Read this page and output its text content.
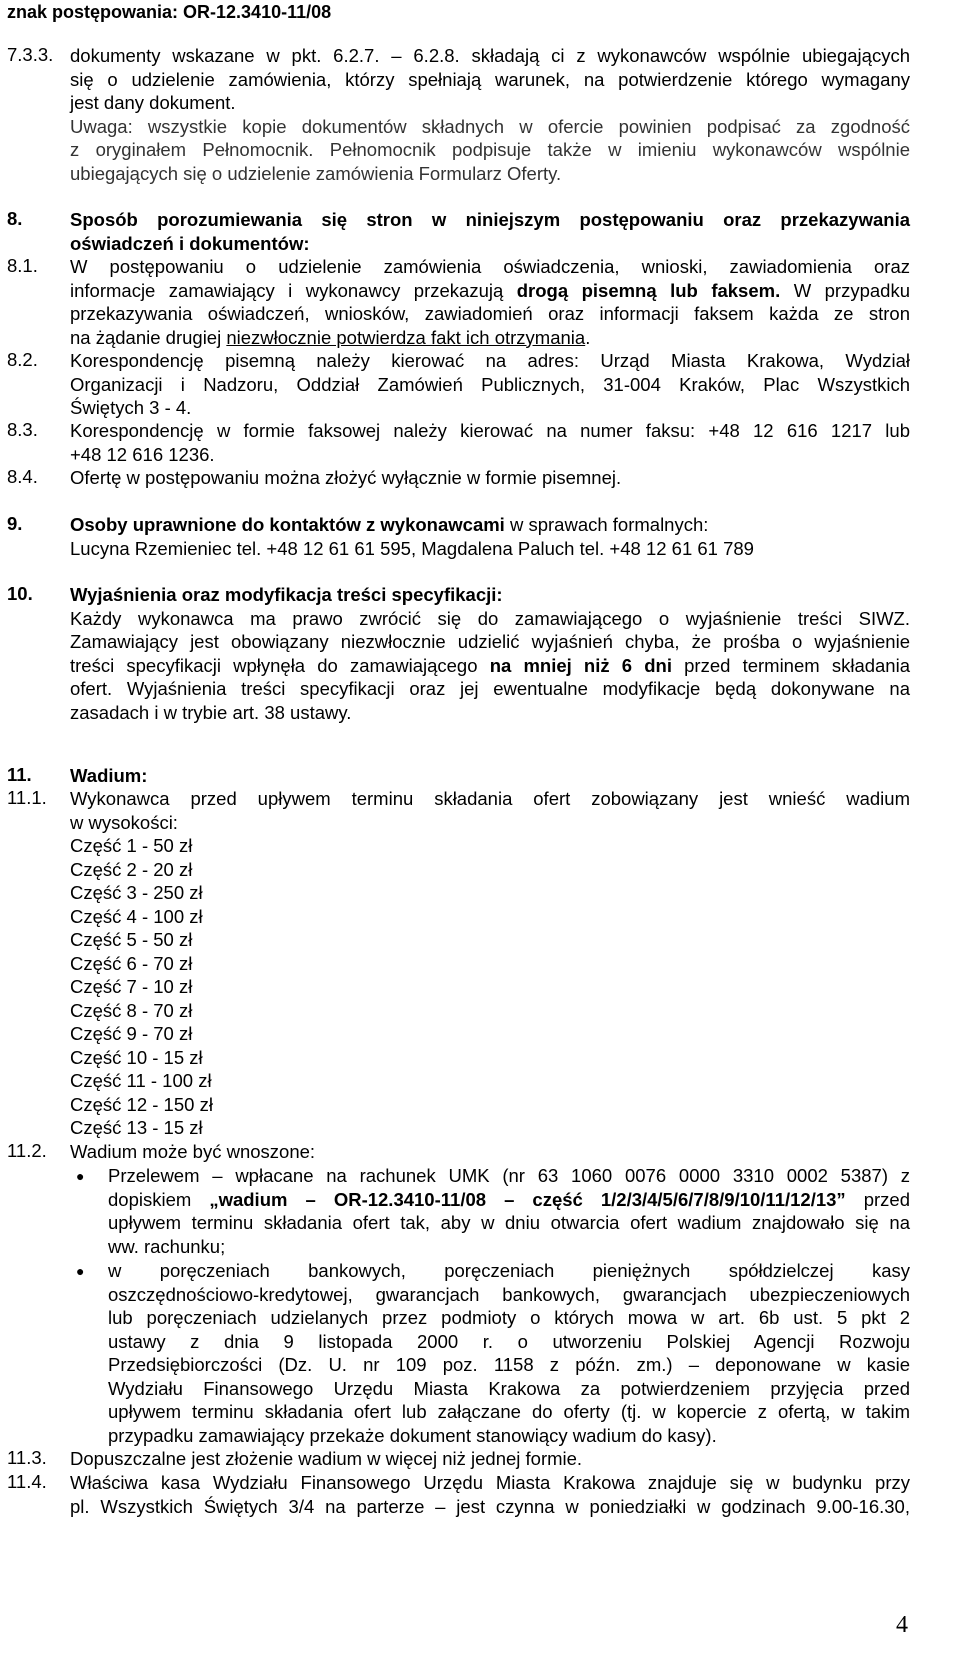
znak postępowania: OR-12.3410-11/08
7.3.3. dokumenty wskazane w pkt. 6.2.7. – 6.2.8. składają ci z wykonawców wspólnie ubiegających
się o udzielenie zamówienia, którzy spełniają warunek, na potwierdzenie którego wymagany
jest dany dokument.
Uwaga: wszystkie kopie dokumentów składnych w ofercie powinien podpisać za zgodność
z oryginałem Pełnomocnik. Pełnomocnik podpisuje także w imieniu wykonawców wspólnie
ubiegających się o udzielenie zamówienia Formularz Oferty.
8.	Sposób porozumiewania się stron w niniejszym postępowaniu oraz przekazywania
oświadczeń i dokumentów:
8.1. W postępowaniu o udzielenie zamówienia oświadczenia, wnioski, zawiadomienia oraz
informacje zamawiający i wykonawcy przekazują drogą pisemną lub faksem. W przypadku
przekazywania oświadczeń, wniosków, zawiadomień oraz informacji faksem każda ze stron
na żądanie drugiej niezwłocznie potwierdza fakt ich otrzymania.
8.2. Korespondencję pisemną należy kierować na adres: Urząd Miasta Krakowa, Wydział
Organizacji i Nadzoru, Oddział Zamówień Publicznych, 31-004 Kraków, Plac Wszystkich
Świętych 3 - 4.
8.3. Korespondencję w formie faksowej należy kierować na numer faksu: +48 12 616 1217 lub
+48 12 616 1236.
8.4. Ofertę w postępowaniu można złożyć wyłącznie w formie pisemnej.
9.	Osoby uprawnione do kontaktów z wykonawcami w sprawach formalnych:
Lucyna Rzemieniec tel. +48 12 61 61 595, Magdalena Paluch tel. +48 12 61 61 789
10. Wyjaśnienia oraz modyfikacja treści specyfikacji:
Każdy wykonawca ma prawo zwrócić się do zamawiającego o wyjaśnienie treści SIWZ.
Zamawiający jest obowiązany niezwłocznie udzielić wyjaśnień chyba, że prośba o wyjaśnienie
treści specyfikacji wpłynęła do zamawiającego na mniej niż 6 dni przed terminem składania
ofert. Wyjaśnienia treści specyfikacji oraz jej ewentualne modyfikacje będą dokonywane na
zasadach i w trybie art. 38 ustawy.
11. Wadium:
11.1. Wykonawca przed upływem terminu składania ofert zobowiązany jest wnieść wadium
w wysokości:
Część 1 - 50 zł
Część 2 - 20 zł
Część 3 - 250 zł
Część 4 - 100 zł
Część 5 - 50 zł
Część 6 - 70 zł
Część 7 - 10 zł
Część 8 - 70 zł
Część 9 - 70 zł
Część 10 - 15 zł
Część 11 - 100 zł
Część 12 - 150 zł
Część 13 - 15 zł
11.2. Wadium może być wnoszone:
● Przelewem – wpłacane na rachunek UMK (nr 63 1060 0076 0000 3310 0002 5387) z
dopiskiem „wadium – OR-12.3410-11/08 – część 1/2/3/4/5/6/7/8/9/10/11/12/13” przed
upływem terminu składania ofert tak, aby w dniu otwarcia ofert wadium znajdowało się na
ww. rachunku;
● w poręczeniach bankowych, poręczeniach pieniężnych spółdzielczej kasy
oszczędnościowo-kredytowej, gwarancjach bankowych, gwarancjach ubezpieczeniowych
lub poręczeniach udzielanych przez podmioty o których mowa w art. 6b ust. 5 pkt 2
ustawy z dnia 9 listopada 2000 r. o utworzeniu Polskiej Agencji Rozwoju
Przedsiębiorczości (Dz. U. nr 109 poz. 1158 z późn. zm.) – deponowane w kasie
Wydziału Finansowego Urzędu Miasta Krakowa za potwierdzeniem przyjęcia przed
upływem terminu składania ofert lub załączane do oferty (tj. w kopercie z ofertą, w takim
przypadku zamawiający przekaże dokument stanowiący wadium do kasy).
11.3. Dopuszczalne jest złożenie wadium w więcej niż jednej formie.
11.4. Właściwa kasa Wydziału Finansowego Urzędu Miasta Krakowa znajduje się w budynku przy
pl. Wszystkich Świętych 3/4 na parterze – jest czynna w poniedziałki w godzinach 9.00-16.30,
4
